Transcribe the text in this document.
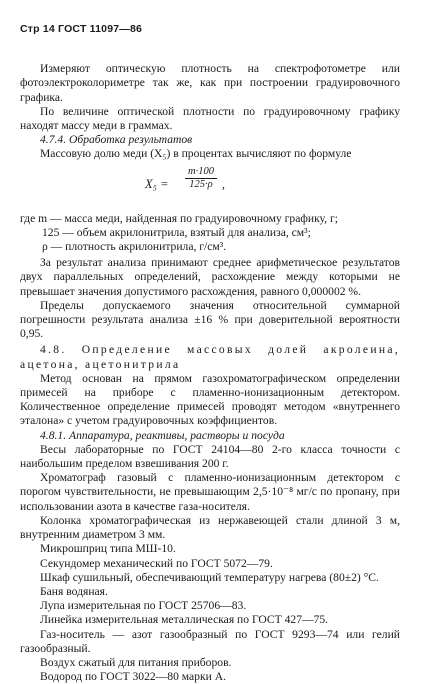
Стр 14 ГОСТ 11097—86

Измеряют оптическую плотность на спектрофотометре или фотоэлектроколориметре так же, как при построении градуировочного графика.

По величине оптической плотности по градуировочному графику находят массу меди в граммах.

4.7.4. Обработка результатов

Массовую долю меди (X₅) в процентах вычисляют по формуле

$X_5 = \frac{m\cdot 100}{125\cdot\rho}$ ,

где m — масса меди, найденная по градуировочному графику, г;

125 — объем акрилонитрила, взятый для анализа, см³;

ρ — плотность акрилонитрила, г/см³.

За результат анализа принимают среднее арифметическое результатов двух параллельных определений, расхождение между которыми не превышает значения допустимого расхождения, равного 0,000002 %.

Пределы допускаемого значения относительной суммарной погрешности результата анализа ±16 % при доверительной вероятности 0,95.

4.8. Определение массовых долей акролеина, ацетона, ацетонитрила

Метод основан на прямом газохроматографическом определении примесей на приборе с пламенно-ионизационным детектором. Количественное определение примесей проводят методом «внутреннего эталона» с учетом градуировочных коэффициентов.

4.8.1. Аппаратура, реактивы, растворы и посуда

Весы лабораторные по ГОСТ 24104—80 2-го класса точности с наибольшим пределом взвешивания 200 г.

Хроматограф газовый с пламенно-ионизационным детектором с порогом чувствительности, не превышающим 2,5·10⁻⁸ мг/с по пропану, при использовании азота в качестве газа-носителя.

Колонка хроматографическая из нержавеющей стали длиной 3 м, внутренним диаметром 3 мм.

Микрошприц типа МШ-10.

Секундомер механический по ГОСТ 5072—79.

Шкаф сушильный, обеспечивающий температуру нагрева (80±2) °С.

Баня водяная.

Лупа измерительная по ГОСТ 25706—83.

Линейка измерительная металлическая по ГОСТ 427—75.

Газ-носитель — азот газообразный по ГОСТ 9293—74 или гелий газообразный.

Воздух сжатый для питания приборов.

Водород по ГОСТ 3022—80 марки А.
